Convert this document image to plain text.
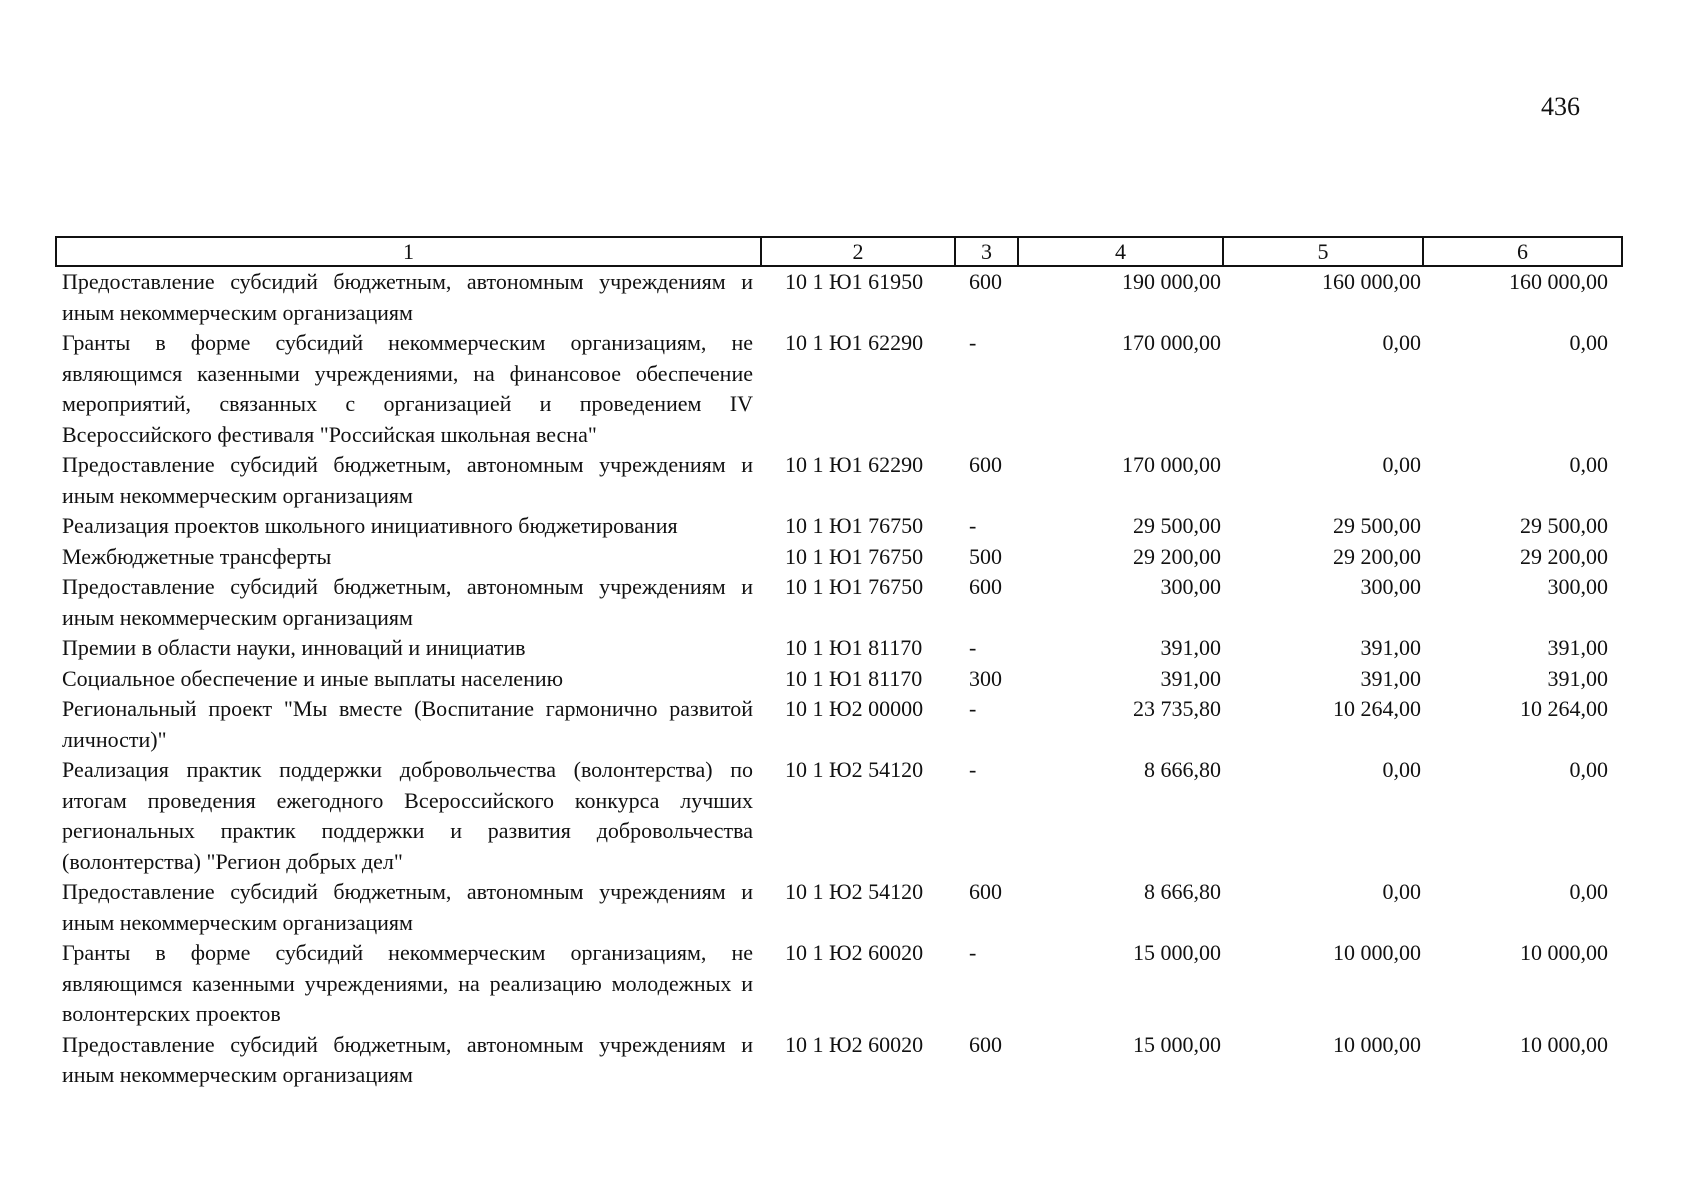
436
1	2	3	4	5	6
Предоставление субсидий бюджетным, автономным учреждениям и иным некоммерческим организациям	10 1 Ю1 61950	600	190 000,00	160 000,00	160 000,00
Гранты в форме субсидий некоммерческим организациям, не являющимся казенными учреждениями, на финансовое обеспечение мероприятий, связанных с организацией и проведением IV Всероссийского фестиваля "Российская школьная весна"	10 1 Ю1 62290	-	170 000,00	0,00	0,00
Предоставление субсидий бюджетным, автономным учреждениям и иным некоммерческим организациям	10 1 Ю1 62290	600	170 000,00	0,00	0,00
Реализация проектов школьного инициативного бюджетирования	10 1 Ю1 76750	-	29 500,00	29 500,00	29 500,00
Межбюджетные трансферты	10 1 Ю1 76750	500	29 200,00	29 200,00	29 200,00
Предоставление субсидий бюджетным, автономным учреждениям и иным некоммерческим организациям	10 1 Ю1 76750	600	300,00	300,00	300,00
Премии в области науки, инноваций и инициатив	10 1 Ю1 81170	-	391,00	391,00	391,00
Социальное обеспечение и иные выплаты населению	10 1 Ю1 81170	300	391,00	391,00	391,00
Региональный проект "Мы вместе (Воспитание гармонично развитой личности)"	10 1 Ю2 00000	-	23 735,80	10 264,00	10 264,00
Реализация практик поддержки добровольчества (волонтерства) по итогам проведения ежегодного Всероссийского конкурса лучших региональных практик поддержки и развития добровольчества (волонтерства) "Регион добрых дел"	10 1 Ю2 54120	-	8 666,80	0,00	0,00
Предоставление субсидий бюджетным, автономным учреждениям и иным некоммерческим организациям	10 1 Ю2 54120	600	8 666,80	0,00	0,00
Гранты в форме субсидий некоммерческим организациям, не являющимся казенными учреждениями, на реализацию молодежных и волонтерских проектов	10 1 Ю2 60020	-	15 000,00	10 000,00	10 000,00
Предоставление субсидий бюджетным, автономным учреждениям и иным некоммерческим организациям	10 1 Ю2 60020	600	15 000,00	10 000,00	10 000,00
